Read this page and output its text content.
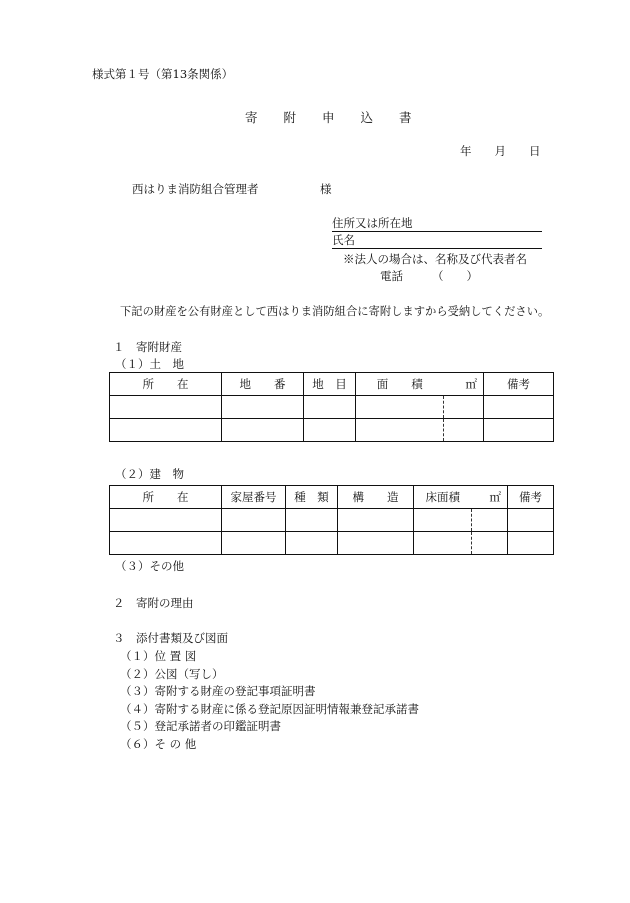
様式第１号（第13条関係）
寄附申込書
年　　月　　日
西はりま消防組合管理者	様
住所又は所在地
氏名
※法人の場合は、名称及び代表者名
電話	（　　）
下記の財産を公有財産として西はりま消防組合に寄附しますから受納してください。
１　寄附財産
（１）土　地
所　　在	地　　番	地　目	面　　積	㎡	備考

（２）建　物
所　　在	家屋番号	種　類	構　　造	床面積	㎡	備考

（３）その他
２　寄附の理由
３　添付書類及び図面
（１）位 置 図
（２）公図（写し）
（３）寄附する財産の登記事項証明書
（４）寄附する財産に係る登記原因証明情報兼登記承諾書
（５）登記承諾者の印鑑証明書
（６）そ の 他
